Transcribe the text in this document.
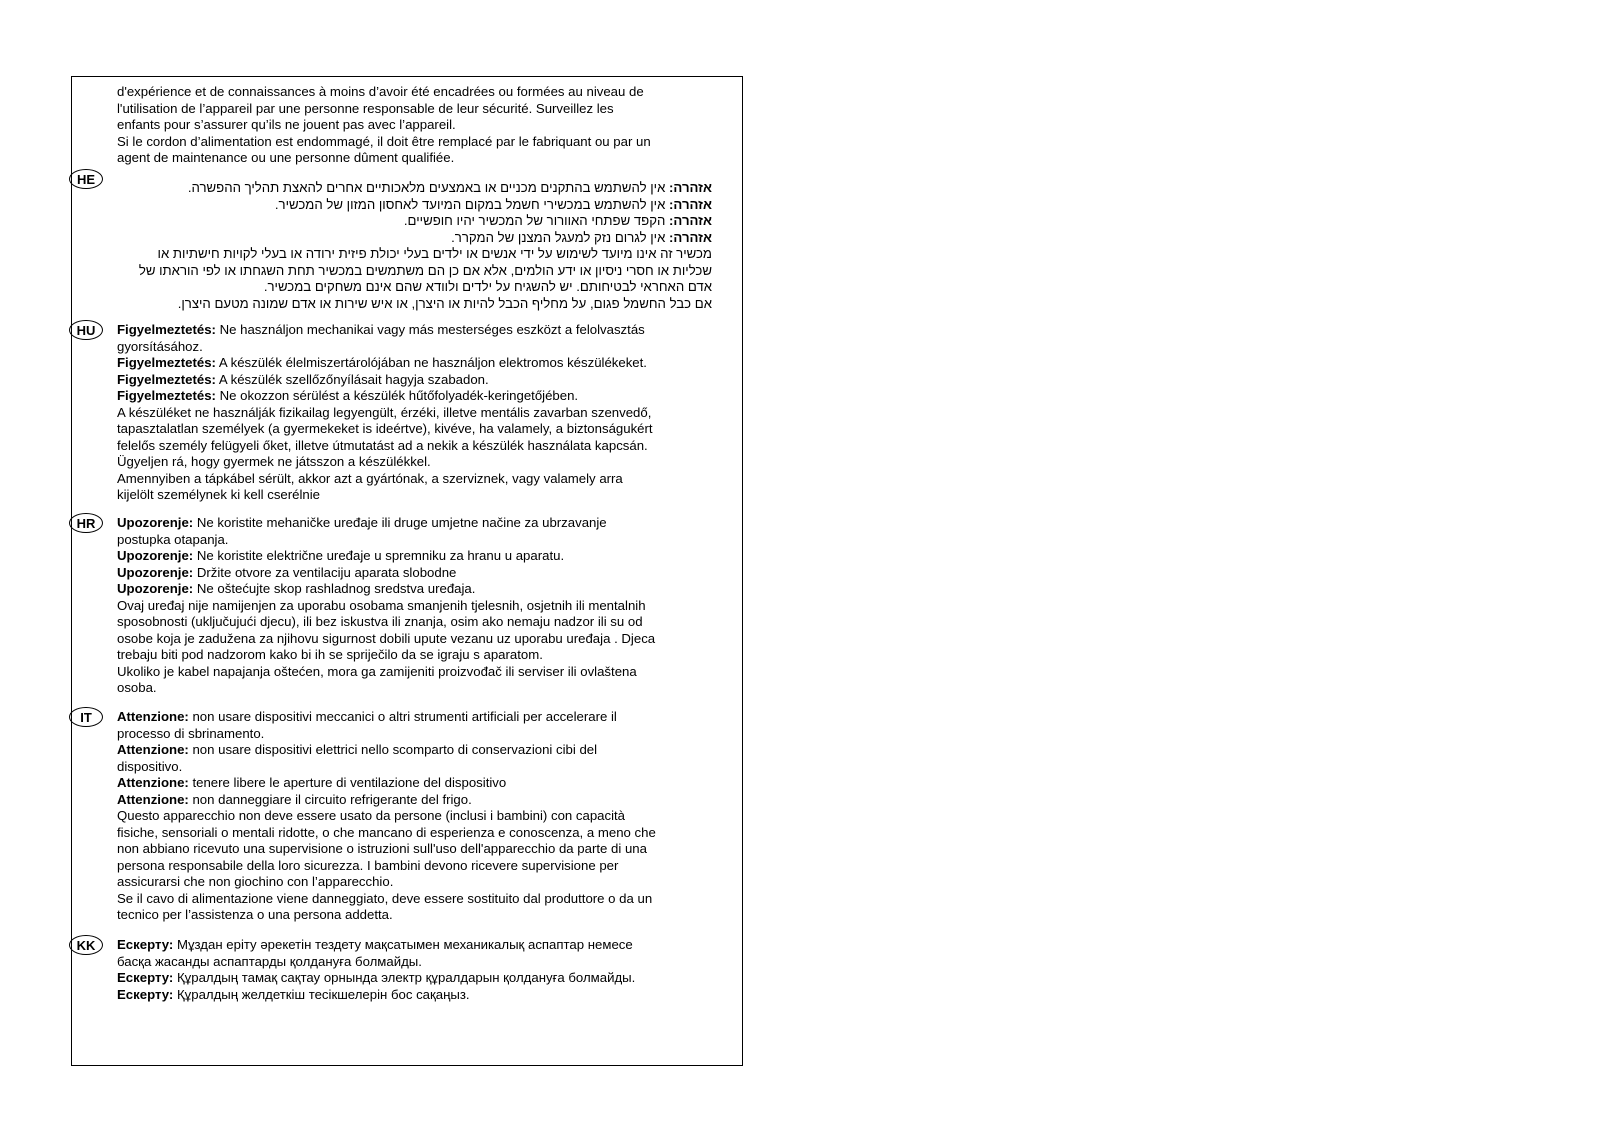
d'expérience et de connaissances à moins d’avoir été encadrées ou formées au niveau de

l'utilisation de l’appareil par une personne responsable de leur sécurité. Surveillez les

enfants pour s’assurer qu’ils ne jouent pas avec l’appareil.

Si le cordon d’alimentation est endommagé, il doit être remplacé par le fabriquant ou par un

agent de maintenance ou une personne dûment qualifiée.

HE

אזהרה: אין להשתמש בהתקנים מכניים או באמצעים מלאכותיים אחרים להאצת תהליך ההפשרה.

אזהרה: אין להשתמש במכשירי חשמל במקום המיועד לאחסון המזון של המכשיר.

אזהרה: הקפד שפתחי האוורור של המכשיר יהיו חופשיים.

אזהרה: אין לגרום נזק למעגל המצנן של המקרר.

מכשיר זה אינו מיועד לשימוש על ידי אנשים או ילדים בעלי יכולת פיזית ירודה או בעלי לקויות חישתיות או

שכליות או חסרי ניסיון או ידע הולמים, אלא אם כן הם משתמשים במכשיר תחת השגחתו או לפי הוראתו של

אדם האחראי לבטיחותם. יש להשגיח על ילדים ולוודא שהם אינם משחקים במכשיר.

אם כבל החשמל פגום, על מחליף הכבל להיות או היצרן, או איש שירות או אדם שמונה מטעם היצרן.

HU	Figyelmeztetés: Ne használjon mechanikai vagy más mesterséges eszközt a felolvasztás

gyorsításához.

Figyelmeztetés: A készülék élelmiszertárolójában ne használjon elektromos készülékeket.

Figyelmeztetés: A készülék szellőzőnyílásait hagyja szabadon.

Figyelmeztetés: Ne okozzon sérülést a készülék hűtőfolyadék-keringetőjében.

A készüléket ne használják fizikailag legyengült, érzéki, illetve mentális zavarban szenvedő,

tapasztalatlan személyek (a gyermekeket is ideértve), kivéve, ha valamely, a biztonságukért

felelős személy felügyeli őket, illetve útmutatást ad a nekik a készülék használata kapcsán.

Ügyeljen rá, hogy gyermek ne játsszon a készülékkel.

Amennyiben a tápkábel sérült, akkor azt a gyártónak, a szerviznek, vagy valamely arra

kijelölt személynek ki kell cserélnie

HR	Upozorenje: Ne koristite mehaničke uređaje ili druge umjetne načine za ubrzavanje

postupka otapanja.

Upozorenje: Ne koristite električne uređaje u spremniku za hranu u aparatu.

Upozorenje: Držite otvore za ventilaciju aparata slobodne

Upozorenje: Ne oštećujte skop rashladnog sredstva uređaja.

Ovaj uređaj nije namijenjen za uporabu osobama smanjenih tjelesnih, osjetnih ili mentalnih

sposobnosti (uključujući djecu), ili bez iskustva ili znanja, osim ako nemaju nadzor ili su od

osobe koja je zadužena za njihovu sigurnost dobili upute vezanu uz uporabu uređaja . Djeca

trebaju biti pod nadzorom kako bi ih se spriječilo da se igraju s aparatom.

Ukoliko je kabel napajanja oštećen, mora ga zamijeniti proizvođač ili serviser ili ovlaštena

osoba.

IT	Attenzione: non usare dispositivi meccanici o altri strumenti artificiali per accelerare il

processo di sbrinamento.

Attenzione: non usare dispositivi elettrici nello scomparto di conservazioni cibi del

dispositivo.

Attenzione: tenere libere le aperture di ventilazione del dispositivo

Attenzione: non danneggiare il circuito refrigerante del frigo.

Questo apparecchio non deve essere usato da persone (inclusi i bambini) con capacità

fisiche, sensoriali o mentali ridotte, o che mancano di esperienza e conoscenza, a meno che

non abbiano ricevuto una supervisione o istruzioni sull'uso dell'apparecchio da parte di una

persona responsabile della loro sicurezza. I bambini devono ricevere supervisione per

assicurarsi che non giochino con l’apparecchio.

Se il cavo di alimentazione viene danneggiato, deve essere sostituito dal produttore o da un

tecnico per l’assistenza o una persona addetta.

KK	Ескерту: Мұздан еріту әрекетін тездету мақсатымен механикалық аспаптар немесе

басқа жасанды аспаптарды қолдануға болмайды.

Ескерту: Құралдың тамақ сақтау орнында электр құралдарын қолдануға болмайды.

Ескерту: Құралдың желдеткіш тесікшелерін бос сақаңыз.
